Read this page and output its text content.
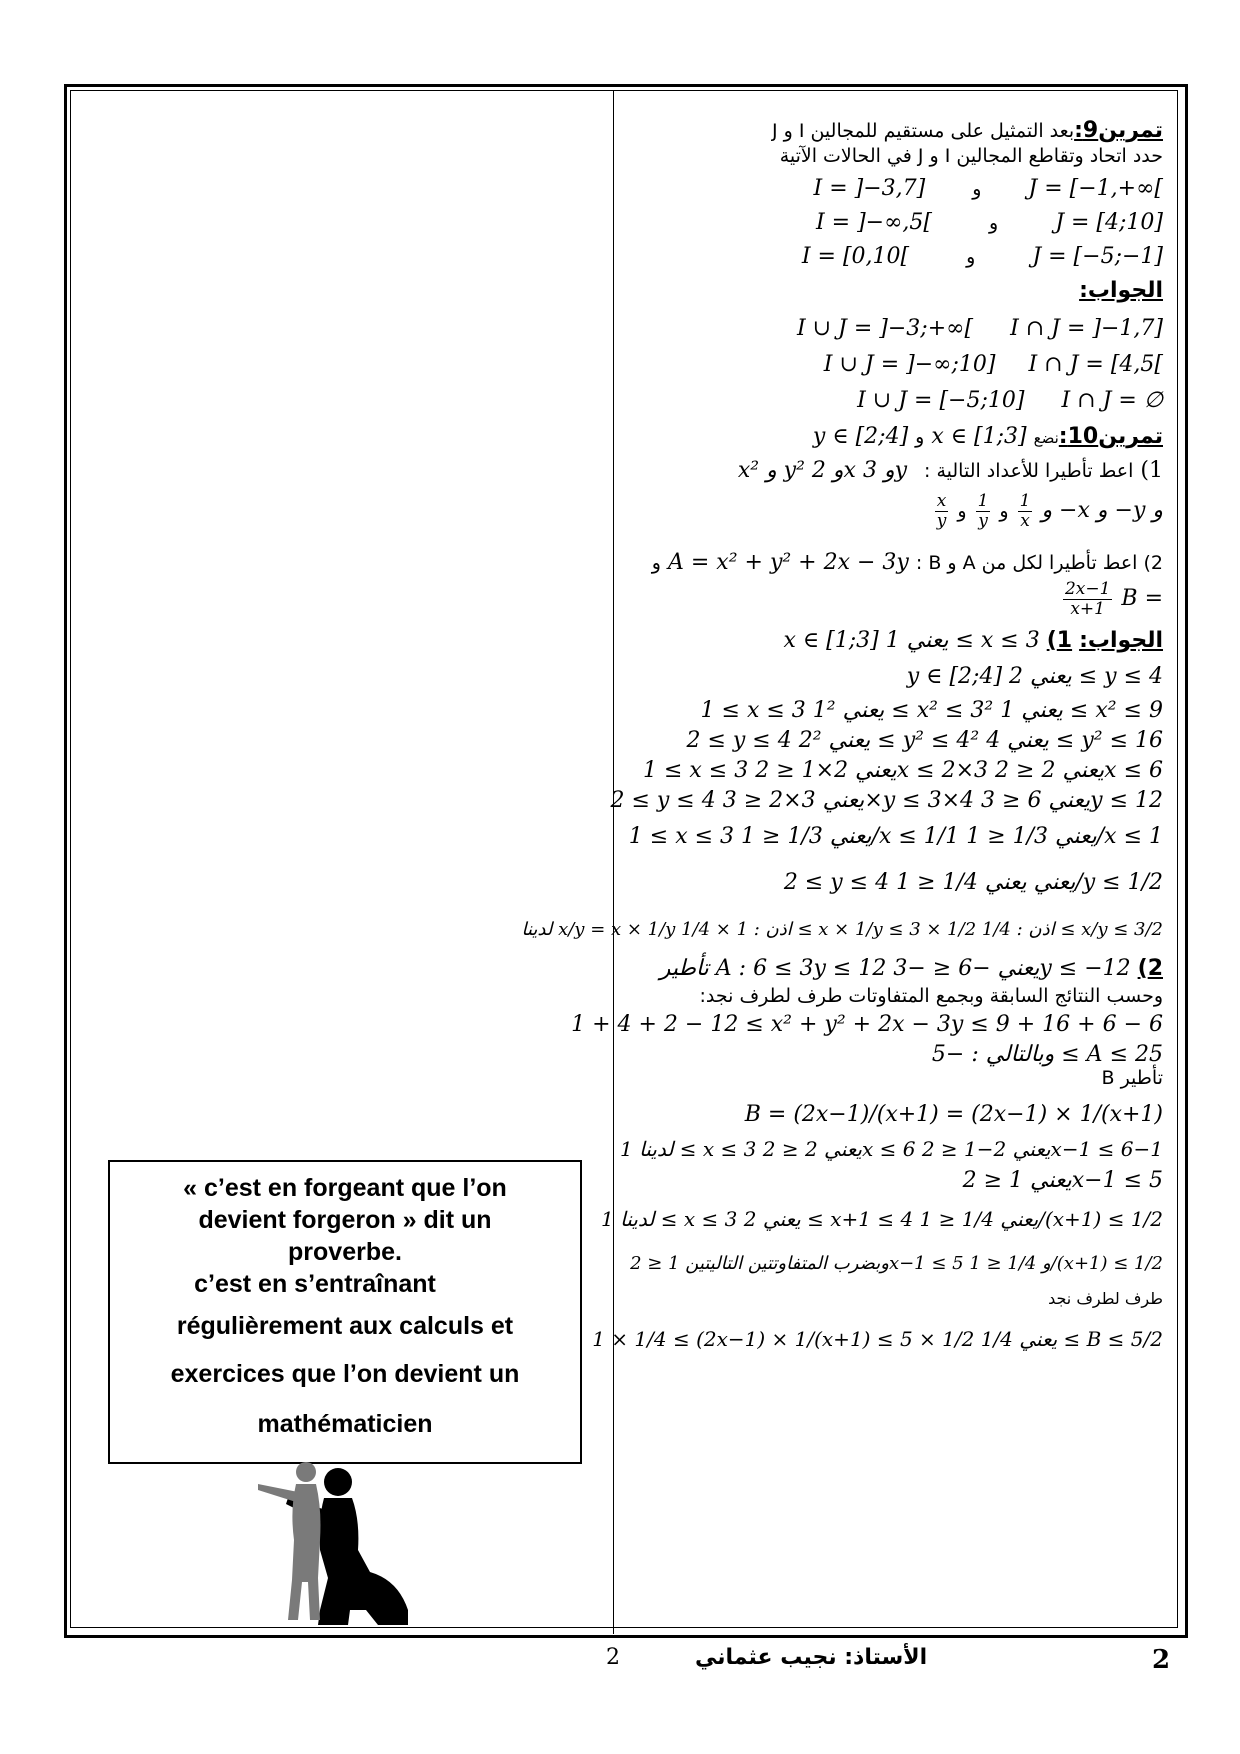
تمرين9:بعد التمثيل على مستقيم للمجالين I و J
حدد اتحاد وتقاطع المجالين I و J في الحالات الآتية
J = [−1,+∞[ و I = ]−3,7]
J = [4;10] و I = ]−∞,5[
J = [−5;−1] و I = [0,10[
الجواب:
I ∩ J = ]−1,7] I ∪ J = ]−3;+∞[
I ∩ J = [4,5[ I ∪ J = ]−∞;10]
I ∩ J = ∅ I ∪ J = [−5;10]
تمرين10:نضع x ∈ [1;3] و y ∈ [2;4]
1) اعط تأطيرا للأعداد التالية : x² و y² و 2x و 3y
و −x و −y و
$\frac{1}{x}$
و
$\frac{1}{y}$
و
$\frac{x}{y}$
2) اعط تأطيرا لكل من A و B : A = x² + y² + 2x − 3y و
B =
$\frac{2x-1}{x+1}$
الجواب: 1) x ∈ [1;3] يعني 1 ≤ x ≤ 3
y ∈ [2;4] يعني 2 ≤ y ≤ 4
1 ≤ x ≤ 3 يعني 1² ≤ x² ≤ 3² يعني 1 ≤ x² ≤ 9
2 ≤ y ≤ 4 يعني 2² ≤ y² ≤ 4² يعني 4 ≤ y² ≤ 16
1 ≤ x ≤ 3 يعني 2×1 ≤ 2x ≤ 2×3 يعني 2 ≤ 2x ≤ 6
2 ≤ y ≤ 4 يعني 3×2 ≤ 3×y ≤ 3×4 يعني 6 ≤ 3y ≤ 12
1 ≤ x ≤ 3 يعني 1/3 ≤ 1/x ≤ 1/1 يعني 1/3 ≤ 1/x ≤ 1
2 ≤ y ≤ 4 يعني يعني 1/4 ≤ 1/y ≤ 1/2
لدينا x/y = x × 1/y اذن : 1 × 1/4 ≤ x × 1/y ≤ 3 × 1/2 اذن : 1/4 ≤ x/y ≤ 3/2
2) تأطير A : 6 ≤ 3y ≤ 12 يعني −6 ≤ −3y ≤ −12
وحسب النتائج السابقة وبجمع المتفاوتات طرف لطرف نجد:
1 + 4 + 2 − 12 ≤ x² + y² + 2x − 3y ≤ 9 + 16 + 6 − 6
وبالتالي : −5 ≤ A ≤ 25
تأطير B
B = (2x−1)/(x+1) = (2x−1) × 1/(x+1)
لدينا 1 ≤ x ≤ 3 يعني 2 ≤ 2x ≤ 6 يعني 2−1 ≤ 2x−1 ≤ 6−1
يعني 1 ≤ 2x−1 ≤ 5
لدينا 1 ≤ x ≤ 3 يعني 2 ≤ x+1 ≤ 4 يعني 1/4 ≤ 1/(x+1) ≤ 1/2
وبضرب المتفاوتتين التاليتين 1 ≤ 2x−1 ≤ 5 و 1/4 ≤ 1/(x+1) ≤ 1/2
طرف لطرف نجد
1 × 1/4 ≤ (2x−1) × 1/(x+1) ≤ 5 × 1/2 يعني 1/4 ≤ B ≤ 5/2
« c’est en forgeant que l’on
devient forgeron » dit un
proverbe.
c’est en s’entraînant
régulièrement aux calculs et
exercices que l’on devient un
mathématicien
2	الأستاذ: نجيب عثماني	2
